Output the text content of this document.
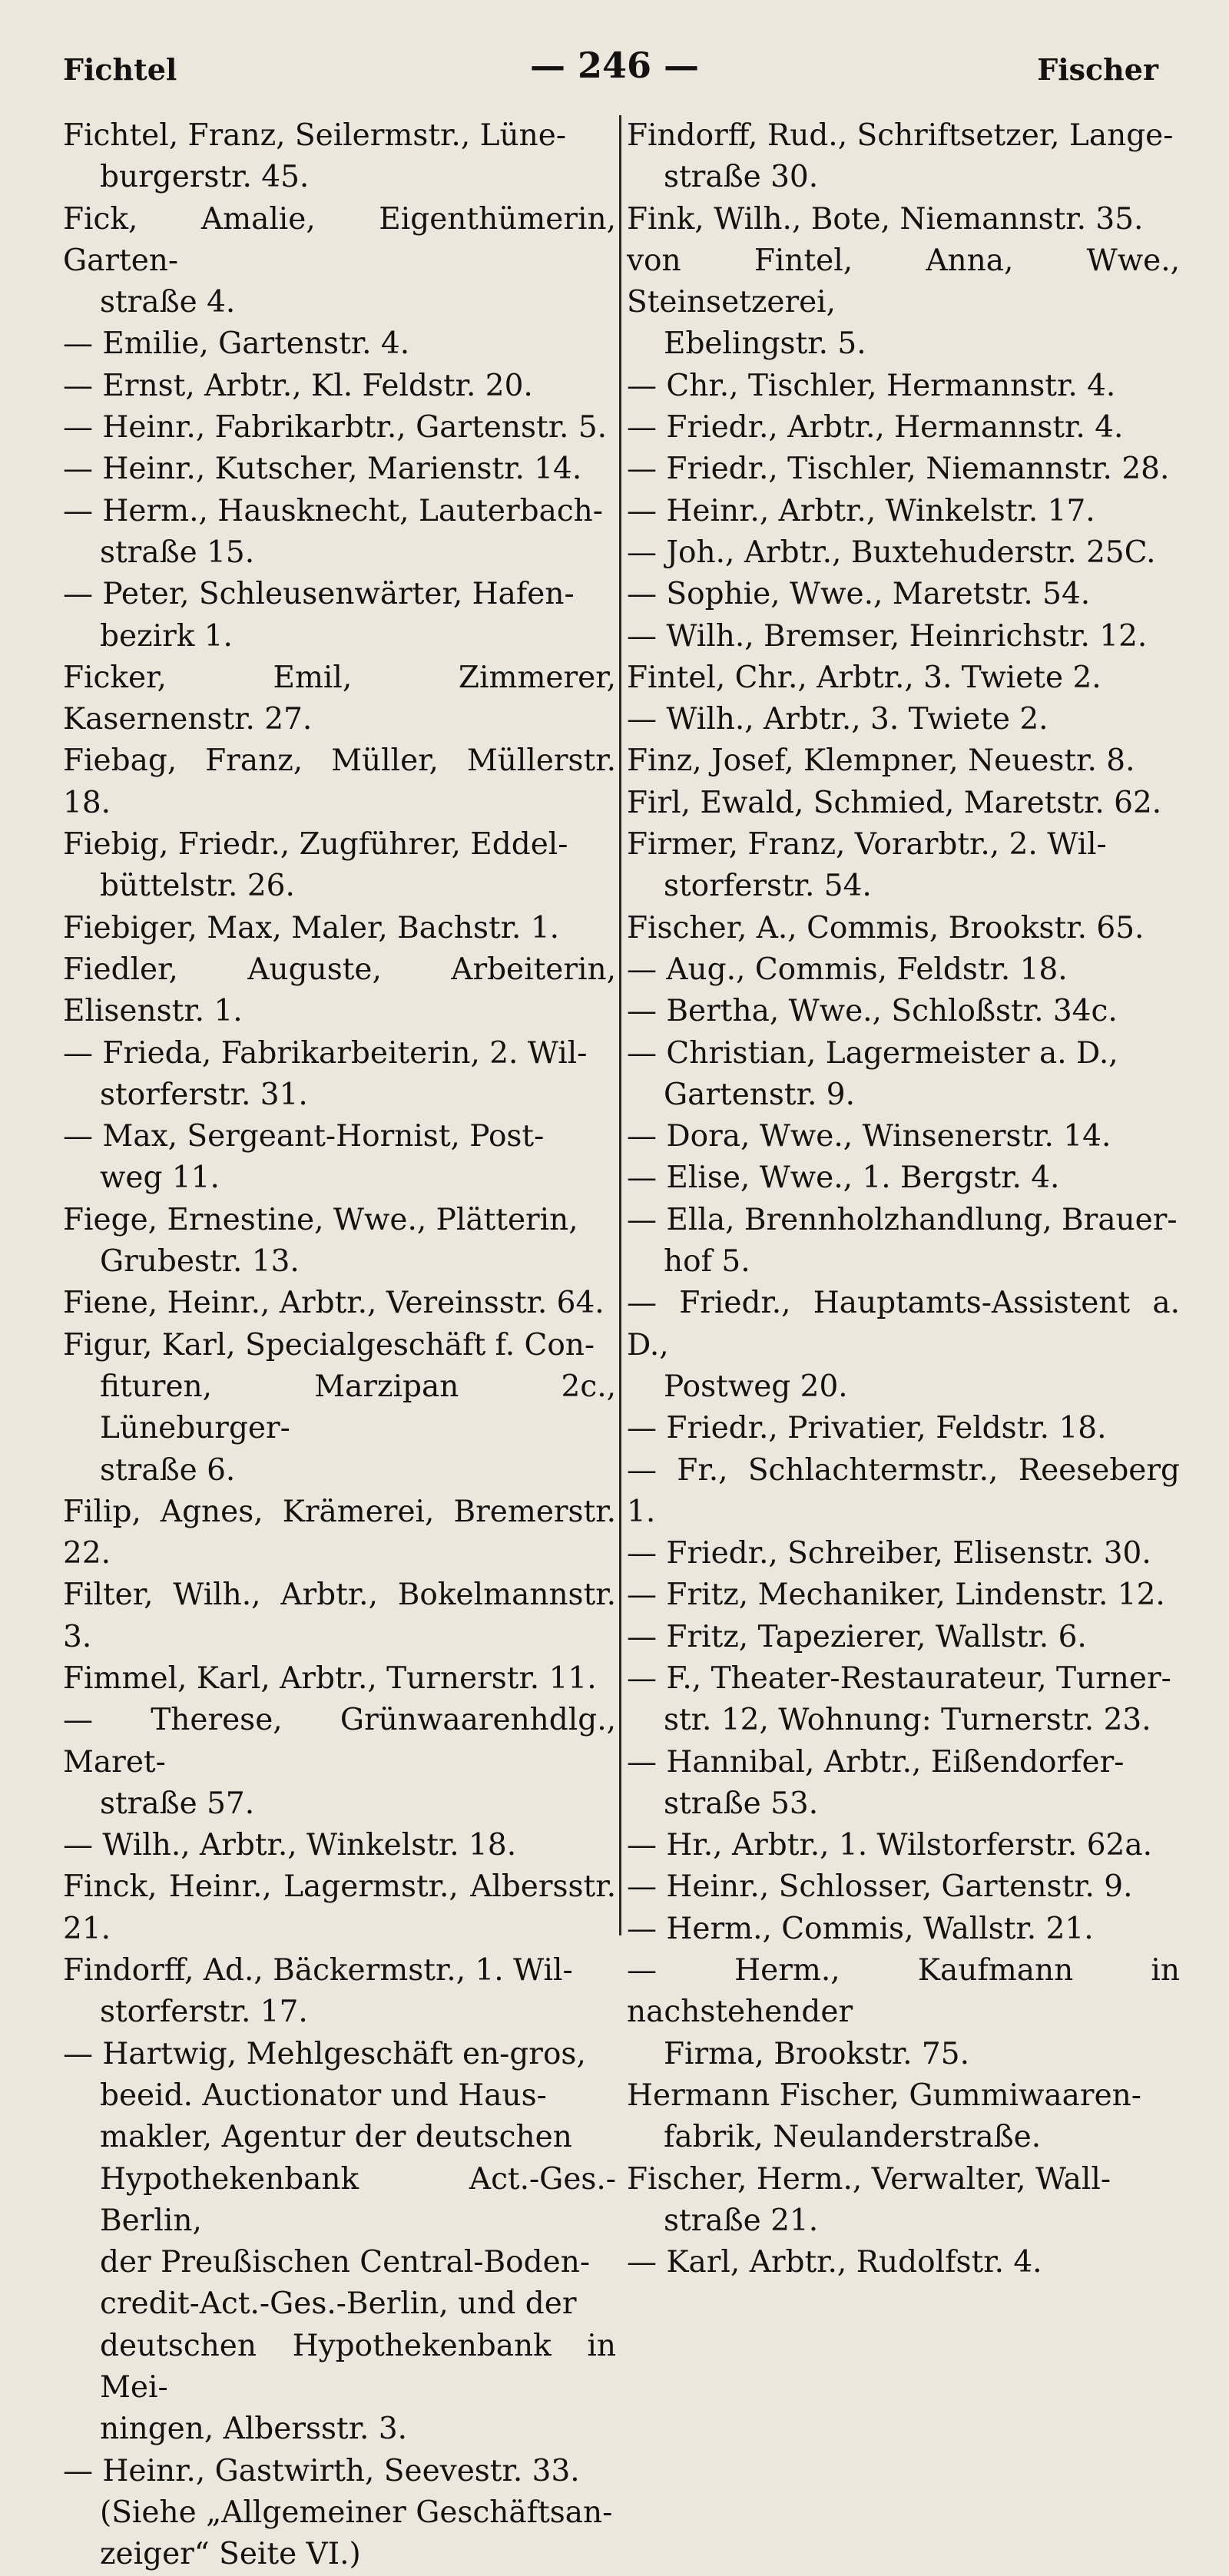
Fichtel	— 246 —	Fischer
Fichtel, Franz, Seilermstr., Lüne-
burgerstr. 45.
Fick, Amalie, Eigenthümerin, Garten-
straße 4.
— Emilie, Gartenstr. 4.
— Ernst, Arbtr., Kl. Feldstr. 20.
— Heinr., Fabrikarbtr., Gartenstr. 5.
— Heinr., Kutscher, Marienstr. 14.
— Herm., Hausknecht, Lauterbach-
straße 15.
— Peter, Schleusenwärter, Hafen-
bezirk 1.
Ficker, Emil, Zimmerer, Kasernenstr. 27.
Fiebag, Franz, Müller, Müllerstr. 18.
Fiebig, Friedr., Zugführer, Eddel-
büttelstr. 26.
Fiebiger, Max, Maler, Bachstr. 1.
Fiedler, Auguste, Arbeiterin, Elisenstr. 1.
— Frieda, Fabrikarbeiterin, 2. Wil-
storferstr. 31.
— Max, Sergeant-Hornist, Post-
weg 11.
Fiege, Ernestine, Wwe., Plätterin,
Grubestr. 13.
Fiene, Heinr., Arbtr., Vereinsstr. 64.
Figur, Karl, Specialgeschäft f. Con-
fituren, Marzipan 2c., Lüneburger-
straße 6.
Filip, Agnes, Krämerei, Bremerstr. 22.
Filter, Wilh., Arbtr., Bokelmannstr. 3.
Fimmel, Karl, Arbtr., Turnerstr. 11.
— Therese, Grünwaarenhdlg., Maret-
straße 57.
— Wilh., Arbtr., Winkelstr. 18.
Finck, Heinr., Lagermstr., Albersstr. 21.
Findorff, Ad., Bäckermstr., 1. Wil-
storferstr. 17.
— Hartwig, Mehlgeschäft en-gros,
beeid. Auctionator und Haus-
makler, Agentur der deutschen
Hypothekenbank Act.-Ges.-Berlin,
der Preußischen Central-Boden-
credit-Act.-Ges.-Berlin, und der
deutschen Hypothekenbank in Mei-
ningen, Albersstr. 3.
— Heinr., Gastwirth, Seevestr. 33.
(Siehe „Allgemeiner Geschäftsan-
zeiger“ Seite VI.)
Findorff, Rud., Schriftsetzer, Lange-
straße 30.
Fink, Wilh., Bote, Niemannstr. 35.
von Fintel, Anna, Wwe., Steinsetzerei,
Ebelingstr. 5.
— Chr., Tischler, Hermannstr. 4.
— Friedr., Arbtr., Hermannstr. 4.
— Friedr., Tischler, Niemannstr. 28.
— Heinr., Arbtr., Winkelstr. 17.
— Joh., Arbtr., Buxtehuderstr. 25C.
— Sophie, Wwe., Maretstr. 54.
— Wilh., Bremser, Heinrichstr. 12.
Fintel, Chr., Arbtr., 3. Twiete 2.
— Wilh., Arbtr., 3. Twiete 2.
Finz, Josef, Klempner, Neuestr. 8.
Firl, Ewald, Schmied, Maretstr. 62.
Firmer, Franz, Vorarbtr., 2. Wil-
storferstr. 54.
Fischer, A., Commis, Brookstr. 65.
— Aug., Commis, Feldstr. 18.
— Bertha, Wwe., Schloßstr. 34c.
— Christian, Lagermeister a. D.,
Gartenstr. 9.
— Dora, Wwe., Winsenerstr. 14.
— Elise, Wwe., 1. Bergstr. 4.
— Ella, Brennholzhandlung, Brauer-
hof 5.
— Friedr., Hauptamts-Assistent a. D.,
Postweg 20.
— Friedr., Privatier, Feldstr. 18.
— Fr., Schlachtermstr., Reeseberg 1.
— Friedr., Schreiber, Elisenstr. 30.
— Fritz, Mechaniker, Lindenstr. 12.
— Fritz, Tapezierer, Wallstr. 6.
— F., Theater-Restaurateur, Turner-
str. 12, Wohnung: Turnerstr. 23.
— Hannibal, Arbtr., Eißendorfer-
straße 53.
— Hr., Arbtr., 1. Wilstorferstr. 62a.
— Heinr., Schlosser, Gartenstr. 9.
— Herm., Commis, Wallstr. 21.
— Herm., Kaufmann in nachstehender
Firma, Brookstr. 75.
Hermann Fischer, Gummiwaaren-
fabrik, Neulanderstraße.
Fischer, Herm., Verwalter, Wall-
straße 21.
— Karl, Arbtr., Rudolfstr. 4.
